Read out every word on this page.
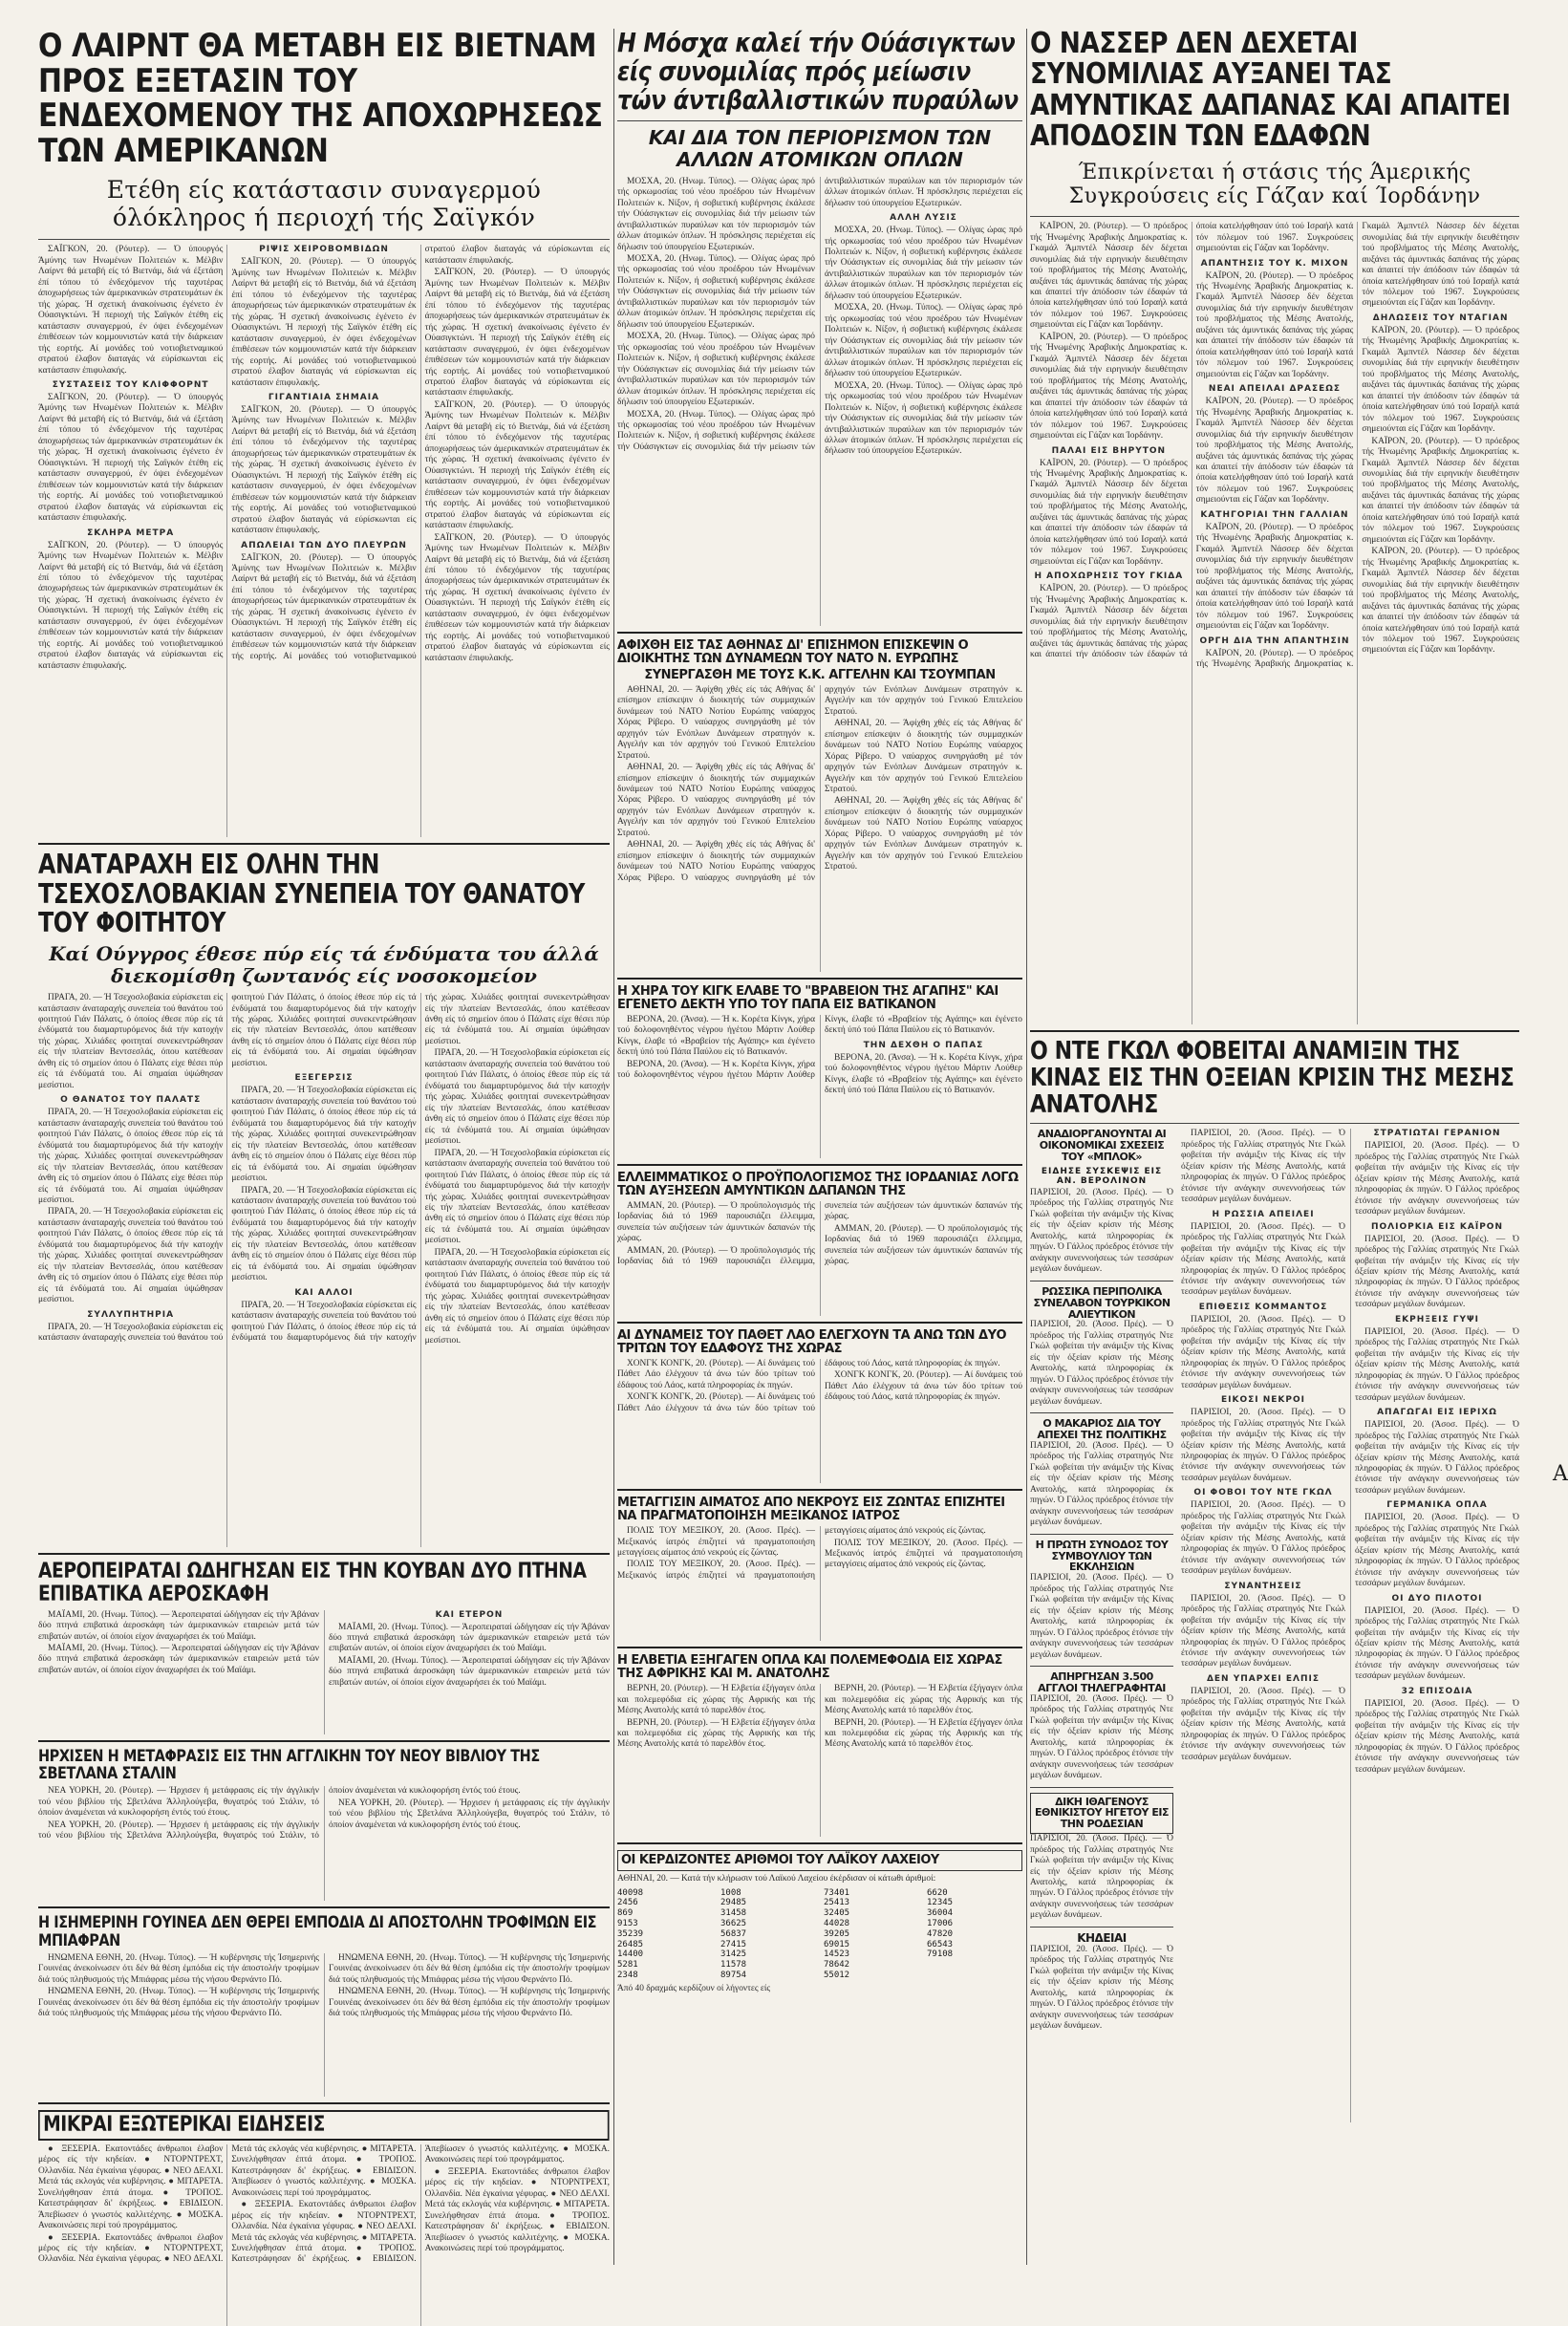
Ο ΛΑΙΡΝΤ ΘΑ ΜΕΤΑΒΗ ΕΙΣ ΒΙΕΤΝΑΜ ΠΡΟΣ ΕΞΕΤΑΣΙΝ ΤΟΥ ΕΝΔΕΧΟΜΕΝΟΥ ΤΗΣ ΑΠΟΧΩΡΗΣΕΩΣ ΤΩΝ ΑΜΕΡΙΚΑΝΩΝ
Ετέθη είς κατάστασιν συναγερμού όλόκληρος ή περιοχή τής Σαϊγκόν

ΣΑΪΓΚΟΝ, 20. (Ρόυτερ). — Ό ύπουργός Άμύνης των Ηνωμένων Πολιτειών κ. Μέλβιν Λαίρντ θά μεταβή είς τό Βιετνάμ, διά νά έξετάση έπί τόπου τό ένδεχόμενον τής ταχυτέρας άποχωρήσεως τών άμερικανικών στρατευμάτων έκ τής χώρας. Ή σχετική άνακοίνωσις έγένετο έν Ούασιγκτώνι. Ή περιοχή τής Σαϊγκόν έτέθη είς κατάστασιν συναγερμού, έν όψει ένδεχομένων έπιθέσεων τών κομμουνιστών κατά τήν διάρκειαν τής εορτής. Αί μονάδες τού νοτιοβιετναμικού στρατού έλαβον διαταγάς νά εύρίσκωνται είς κατάστασιν έπιφυλακής.

ΣΥΣΤΑΣΕΙΣ ΤΟΥ ΚΛΙΦΦΟΡΝΤ

ΣΑΪΓΚΟΝ, 20. (Ρόυτερ). — Ό ύπουργός Άμύνης των Ηνωμένων Πολιτειών κ. Μέλβιν Λαίρντ θά μεταβή είς τό Βιετνάμ, διά νά έξετάση έπί τόπου τό ένδεχόμενον τής ταχυτέρας άποχωρήσεως τών άμερικανικών στρατευμάτων έκ τής χώρας. Ή σχετική άνακοίνωσις έγένετο έν Ούασιγκτώνι. Ή περιοχή τής Σαϊγκόν έτέθη είς κατάστασιν συναγερμού, έν όψει ένδεχομένων έπιθέσεων τών κομμουνιστών κατά τήν διάρκειαν τής εορτής. Αί μονάδες τού νοτιοβιετναμικού στρατού έλαβον διαταγάς νά εύρίσκωνται είς κατάστασιν έπιφυλακής.

ΣΚΛΗΡΑ ΜΕΤΡΑ

ΣΑΪΓΚΟΝ, 20. (Ρόυτερ). — Ό ύπουργός Άμύνης των Ηνωμένων Πολιτειών κ. Μέλβιν Λαίρντ θά μεταβή είς τό Βιετνάμ, διά νά έξετάση έπί τόπου τό ένδεχόμενον τής ταχυτέρας άποχωρήσεως τών άμερικανικών στρατευμάτων έκ τής χώρας. Ή σχετική άνακοίνωσις έγένετο έν Ούασιγκτώνι. Ή περιοχή τής Σαϊγκόν έτέθη είς κατάστασιν συναγερμού, έν όψει ένδεχομένων έπιθέσεων τών κομμουνιστών κατά τήν διάρκειαν τής εορτής. Αί μονάδες τού νοτιοβιετναμικού στρατού έλαβον διαταγάς νά εύρίσκωνται είς κατάστασιν έπιφυλακής.

ΡΙΨΙΣ ΧΕΙΡΟΒΟΜΒΙΔΩΝ

ΣΑΪΓΚΟΝ, 20. (Ρόυτερ). — Ό ύπουργός Άμύνης των Ηνωμένων Πολιτειών κ. Μέλβιν Λαίρντ θά μεταβή είς τό Βιετνάμ, διά νά έξετάση έπί τόπου τό ένδεχόμενον τής ταχυτέρας άποχωρήσεως τών άμερικανικών στρατευμάτων έκ τής χώρας. Ή σχετική άνακοίνωσις έγένετο έν Ούασιγκτώνι. Ή περιοχή τής Σαϊγκόν έτέθη είς κατάστασιν συναγερμού, έν όψει ένδεχομένων έπιθέσεων τών κομμουνιστών κατά τήν διάρκειαν τής εορτής. Αί μονάδες τού νοτιοβιετναμικού στρατού έλαβον διαταγάς νά εύρίσκωνται είς κατάστασιν έπιφυλακής.

ΓΙΓΑΝΤΙΑΙΑ ΣΗΜΑΙΑ

ΣΑΪΓΚΟΝ, 20. (Ρόυτερ). — Ό ύπουργός Άμύνης των Ηνωμένων Πολιτειών κ. Μέλβιν Λαίρντ θά μεταβή είς τό Βιετνάμ, διά νά έξετάση έπί τόπου τό ένδεχόμενον τής ταχυτέρας άποχωρήσεως τών άμερικανικών στρατευμάτων έκ τής χώρας. Ή σχετική άνακοίνωσις έγένετο έν Ούασιγκτώνι. Ή περιοχή τής Σαϊγκόν έτέθη είς κατάστασιν συναγερμού, έν όψει ένδεχομένων έπιθέσεων τών κομμουνιστών κατά τήν διάρκειαν τής εορτής. Αί μονάδες τού νοτιοβιετναμικού στρατού έλαβον διαταγάς νά εύρίσκωνται είς κατάστασιν έπιφυλακής.

ΑΠΩΛΕΙΑΙ ΤΩΝ ΔΥΟ ΠΛΕΥΡΩΝ

ΣΑΪΓΚΟΝ, 20. (Ρόυτερ). — Ό ύπουργός Άμύνης των Ηνωμένων Πολιτειών κ. Μέλβιν Λαίρντ θά μεταβή είς τό Βιετνάμ, διά νά έξετάση έπί τόπου τό ένδεχόμενον τής ταχυτέρας άποχωρήσεως τών άμερικανικών στρατευμάτων έκ τής χώρας. Ή σχετική άνακοίνωσις έγένετο έν Ούασιγκτώνι. Ή περιοχή τής Σαϊγκόν έτέθη είς κατάστασιν συναγερμού, έν όψει ένδεχομένων έπιθέσεων τών κομμουνιστών κατά τήν διάρκειαν τής εορτής. Αί μονάδες τού νοτιοβιετναμικού στρατού έλαβον διαταγάς νά εύρίσκωνται είς κατάστασιν έπιφυλακής.

ΣΑΪΓΚΟΝ, 20. (Ρόυτερ). — Ό ύπουργός Άμύνης των Ηνωμένων Πολιτειών κ. Μέλβιν Λαίρντ θά μεταβή είς τό Βιετνάμ, διά νά έξετάση έπί τόπου τό ένδεχόμενον τής ταχυτέρας άποχωρήσεως τών άμερικανικών στρατευμάτων έκ τής χώρας. Ή σχετική άνακοίνωσις έγένετο έν Ούασιγκτώνι. Ή περιοχή τής Σαϊγκόν έτέθη είς κατάστασιν συναγερμού, έν όψει ένδεχομένων έπιθέσεων τών κομμουνιστών κατά τήν διάρκειαν τής εορτής. Αί μονάδες τού νοτιοβιετναμικού στρατού έλαβον διαταγάς νά εύρίσκωνται είς κατάστασιν έπιφυλακής.

ΣΑΪΓΚΟΝ, 20. (Ρόυτερ). — Ό ύπουργός Άμύνης των Ηνωμένων Πολιτειών κ. Μέλβιν Λαίρντ θά μεταβή είς τό Βιετνάμ, διά νά έξετάση έπί τόπου τό ένδεχόμενον τής ταχυτέρας άποχωρήσεως τών άμερικανικών στρατευμάτων έκ τής χώρας. Ή σχετική άνακοίνωσις έγένετο έν Ούασιγκτώνι. Ή περιοχή τής Σαϊγκόν έτέθη είς κατάστασιν συναγερμού, έν όψει ένδεχομένων έπιθέσεων τών κομμουνιστών κατά τήν διάρκειαν τής εορτής. Αί μονάδες τού νοτιοβιετναμικού στρατού έλαβον διαταγάς νά εύρίσκωνται είς κατάστασιν έπιφυλακής.

ΣΑΪΓΚΟΝ, 20. (Ρόυτερ). — Ό ύπουργός Άμύνης των Ηνωμένων Πολιτειών κ. Μέλβιν Λαίρντ θά μεταβή είς τό Βιετνάμ, διά νά έξετάση έπί τόπου τό ένδεχόμενον τής ταχυτέρας άποχωρήσεως τών άμερικανικών στρατευμάτων έκ τής χώρας. Ή σχετική άνακοίνωσις έγένετο έν Ούασιγκτώνι. Ή περιοχή τής Σαϊγκόν έτέθη είς κατάστασιν συναγερμού, έν όψει ένδεχομένων έπιθέσεων τών κομμουνιστών κατά τήν διάρκειαν τής εορτής. Αί μονάδες τού νοτιοβιετναμικού στρατού έλαβον διαταγάς νά εύρίσκωνται είς κατάστασιν έπιφυλακής.

ΑΝΑΤΑΡΑΧΗ ΕΙΣ ΟΛΗΝ ΤΗΝ ΤΣΕΧΟΣΛΟΒΑΚΙΑΝ ΣΥΝΕΠΕΙΑ ΤΟΥ ΘΑΝΑΤΟΥ ΤΟΥ ΦΟΙΤΗΤΟΥ
Καί Ούγγρος έθεσε πύρ είς τά ένδύματα του άλλά διεκομίσθη ζωντανός είς νοσοκομείον

ΠΡΑΓΑ, 20. — Ή Τσεχοσλοβακία εύρίσκεται είς κατάστασιν άναταραχής συνεπεία τού θανάτου τού φοιτητού Γιάν Πάλατς, ό όποίος έθεσε πύρ είς τά ένδύματά του διαμαρτυρόμενος διά τήν κατοχήν τής χώρας. Χιλιάδες φοιτηταί συνεκεντρώθησαν είς τήν πλατείαν Βεντσεσλάς, όπου κατέθεσαν άνθη είς τό σημείον όπου ό Πάλατς είχε θέσει πύρ είς τά ένδύματά του. Αί σημαίαι ύψώθησαν μεσίστιοι.

Ο ΘΑΝΑΤΟΣ ΤΟΥ ΠΑΛΑΤΣ

ΠΡΑΓΑ, 20. — Ή Τσεχοσλοβακία εύρίσκεται είς κατάστασιν άναταραχής συνεπεία τού θανάτου τού φοιτητού Γιάν Πάλατς, ό όποίος έθεσε πύρ είς τά ένδύματά του διαμαρτυρόμενος διά τήν κατοχήν τής χώρας. Χιλιάδες φοιτηταί συνεκεντρώθησαν είς τήν πλατείαν Βεντσεσλάς, όπου κατέθεσαν άνθη είς τό σημείον όπου ό Πάλατς είχε θέσει πύρ είς τά ένδύματά του. Αί σημαίαι ύψώθησαν μεσίστιοι.

ΠΡΑΓΑ, 20. — Ή Τσεχοσλοβακία εύρίσκεται είς κατάστασιν άναταραχής συνεπεία τού θανάτου τού φοιτητού Γιάν Πάλατς, ό όποίος έθεσε πύρ είς τά ένδύματά του διαμαρτυρόμενος διά τήν κατοχήν τής χώρας. Χιλιάδες φοιτηταί συνεκεντρώθησαν είς τήν πλατείαν Βεντσεσλάς, όπου κατέθεσαν άνθη είς τό σημείον όπου ό Πάλατς είχε θέσει πύρ είς τά ένδύματά του. Αί σημαίαι ύψώθησαν μεσίστιοι.

ΣΥΛΛΥΠΗΤΗΡΙΑ

ΠΡΑΓΑ, 20. — Ή Τσεχοσλοβακία εύρίσκεται είς κατάστασιν άναταραχής συνεπεία τού θανάτου τού φοιτητού Γιάν Πάλατς, ό όποίος έθεσε πύρ είς τά ένδύματά του διαμαρτυρόμενος διά τήν κατοχήν τής χώρας. Χιλιάδες φοιτηταί συνεκεντρώθησαν είς τήν πλατείαν Βεντσεσλάς, όπου κατέθεσαν άνθη είς τό σημείον όπου ό Πάλατς είχε θέσει πύρ είς τά ένδύματά του. Αί σημαίαι ύψώθησαν μεσίστιοι.

ΕΞΕΓΕΡΣΙΣ

ΠΡΑΓΑ, 20. — Ή Τσεχοσλοβακία εύρίσκεται είς κατάστασιν άναταραχής συνεπεία τού θανάτου τού φοιτητού Γιάν Πάλατς, ό όποίος έθεσε πύρ είς τά ένδύματά του διαμαρτυρόμενος διά τήν κατοχήν τής χώρας. Χιλιάδες φοιτηταί συνεκεντρώθησαν είς τήν πλατείαν Βεντσεσλάς, όπου κατέθεσαν άνθη είς τό σημείον όπου ό Πάλατς είχε θέσει πύρ είς τά ένδύματά του. Αί σημαίαι ύψώθησαν μεσίστιοι.

ΠΡΑΓΑ, 20. — Ή Τσεχοσλοβακία εύρίσκεται είς κατάστασιν άναταραχής συνεπεία τού θανάτου τού φοιτητού Γιάν Πάλατς, ό όποίος έθεσε πύρ είς τά ένδύματά του διαμαρτυρόμενος διά τήν κατοχήν τής χώρας. Χιλιάδες φοιτηταί συνεκεντρώθησαν είς τήν πλατείαν Βεντσεσλάς, όπου κατέθεσαν άνθη είς τό σημείον όπου ό Πάλατς είχε θέσει πύρ είς τά ένδύματά του. Αί σημαίαι ύψώθησαν μεσίστιοι.

ΚΑΙ ΑΛΛΟΙ

ΠΡΑΓΑ, 20. — Ή Τσεχοσλοβακία εύρίσκεται είς κατάστασιν άναταραχής συνεπεία τού θανάτου τού φοιτητού Γιάν Πάλατς, ό όποίος έθεσε πύρ είς τά ένδύματά του διαμαρτυρόμενος διά τήν κατοχήν τής χώρας. Χιλιάδες φοιτηταί συνεκεντρώθησαν είς τήν πλατείαν Βεντσεσλάς, όπου κατέθεσαν άνθη είς τό σημείον όπου ό Πάλατς είχε θέσει πύρ είς τά ένδύματά του. Αί σημαίαι ύψώθησαν μεσίστιοι.

ΠΡΑΓΑ, 20. — Ή Τσεχοσλοβακία εύρίσκεται είς κατάστασιν άναταραχής συνεπεία τού θανάτου τού φοιτητού Γιάν Πάλατς, ό όποίος έθεσε πύρ είς τά ένδύματά του διαμαρτυρόμενος διά τήν κατοχήν τής χώρας. Χιλιάδες φοιτηταί συνεκεντρώθησαν είς τήν πλατείαν Βεντσεσλάς, όπου κατέθεσαν άνθη είς τό σημείον όπου ό Πάλατς είχε θέσει πύρ είς τά ένδύματά του. Αί σημαίαι ύψώθησαν μεσίστιοι.

ΠΡΑΓΑ, 20. — Ή Τσεχοσλοβακία εύρίσκεται είς κατάστασιν άναταραχής συνεπεία τού θανάτου τού φοιτητού Γιάν Πάλατς, ό όποίος έθεσε πύρ είς τά ένδύματά του διαμαρτυρόμενος διά τήν κατοχήν τής χώρας. Χιλιάδες φοιτηταί συνεκεντρώθησαν είς τήν πλατείαν Βεντσεσλάς, όπου κατέθεσαν άνθη είς τό σημείον όπου ό Πάλατς είχε θέσει πύρ είς τά ένδύματά του. Αί σημαίαι ύψώθησαν μεσίστιοι.

ΠΡΑΓΑ, 20. — Ή Τσεχοσλοβακία εύρίσκεται είς κατάστασιν άναταραχής συνεπεία τού θανάτου τού φοιτητού Γιάν Πάλατς, ό όποίος έθεσε πύρ είς τά ένδύματά του διαμαρτυρόμενος διά τήν κατοχήν τής χώρας. Χιλιάδες φοιτηταί συνεκεντρώθησαν είς τήν πλατείαν Βεντσεσλάς, όπου κατέθεσαν άνθη είς τό σημείον όπου ό Πάλατς είχε θέσει πύρ είς τά ένδύματά του. Αί σημαίαι ύψώθησαν μεσίστιοι.

ΑΕΡΟΠΕΙΡΑΤΑΙ ΩΔΗΓΗΣΑΝ ΕΙΣ ΤΗΝ ΚΟΥΒΑΝ ΔΥΟ ΠΤΗΝΑ ΕΠΙΒΑΤΙΚΑ ΑΕΡΟΣΚΑΦΗ

ΜΑΪΑΜΙ, 20. (Ηνωμ. Τύπος). — Άεροπειραταί ώδήγησαν είς τήν Άβάναν δύο πτηνά επιβατικά άεροσκάφη τών άμερικανικών εταιρειών μετά τών επιβατών αυτών, οί όποίοι είχον άναχωρήσει έκ τού Μαϊάμι.

ΜΑΪΑΜΙ, 20. (Ηνωμ. Τύπος). — Άεροπειραταί ώδήγησαν είς τήν Άβάναν δύο πτηνά επιβατικά άεροσκάφη τών άμερικανικών εταιρειών μετά τών επιβατών αυτών, οί όποίοι είχον άναχωρήσει έκ τού Μαϊάμι.

ΚΑΙ ΕΤΕΡΟΝ

ΜΑΪΑΜΙ, 20. (Ηνωμ. Τύπος). — Άεροπειραταί ώδήγησαν είς τήν Άβάναν δύο πτηνά επιβατικά άεροσκάφη τών άμερικανικών εταιρειών μετά τών επιβατών αυτών, οί όποίοι είχον άναχωρήσει έκ τού Μαϊάμι.

ΜΑΪΑΜΙ, 20. (Ηνωμ. Τύπος). — Άεροπειραταί ώδήγησαν είς τήν Άβάναν δύο πτηνά επιβατικά άεροσκάφη τών άμερικανικών εταιρειών μετά τών επιβατών αυτών, οί όποίοι είχον άναχωρήσει έκ τού Μαϊάμι.

ΗΡΧΙΣΕΝ Η ΜΕΤΑΦΡΑΣΙΣ ΕΙΣ ΤΗΝ ΑΓΓΛΙΚΗΝ ΤΟΥ ΝΕΟΥ ΒΙΒΛΙΟΥ ΤΗΣ ΣΒΕΤΛΑΝΑ ΣΤΑΛΙΝ

ΝΕΑ ΥΟΡΚΗ, 20. (Ρόυτερ). — Ήρχισεν ή μετάφρασις είς τήν άγγλικήν τού νέου βιβλίου τής Σβετλάνα Άλληλούγεβα, θυγατρός τού Στάλιν, τό όποίον άναμένεται νά κυκλοφορήση έντός τού έτους.

ΝΕΑ ΥΟΡΚΗ, 20. (Ρόυτερ). — Ήρχισεν ή μετάφρασις είς τήν άγγλικήν τού νέου βιβλίου τής Σβετλάνα Άλληλούγεβα, θυγατρός τού Στάλιν, τό όποίον άναμένεται νά κυκλοφορήση έντός τού έτους.

ΝΕΑ ΥΟΡΚΗ, 20. (Ρόυτερ). — Ήρχισεν ή μετάφρασις είς τήν άγγλικήν τού νέου βιβλίου τής Σβετλάνα Άλληλούγεβα, θυγατρός τού Στάλιν, τό όποίον άναμένεται νά κυκλοφορήση έντός τού έτους.

Η ΙΣΗΜΕΡΙΝΗ ΓΟΥΙΝΕΑ ΔΕΝ ΘΕΡΕΙ ΕΜΠΟΔΙΑ ΔΙ ΑΠΟΣΤΟΛΗΝ ΤΡΟΦΙΜΩΝ ΕΙΣ ΜΠΙΑΦΡΑΝ

ΗΝΩΜΕΝΑ ΕΘΝΗ, 20. (Ηνωμ. Τύπος). — Ή κυβέρνησις τής Ίσημερινής Γουινέας άνεκοίνωσεν ότι δέν θά θέση έμπόδια είς τήν άποστολήν τροφίμων διά τούς πληθυσμούς τής Μπιάφρας μέσω τής νήσου Φερνάντο Πό.

ΗΝΩΜΕΝΑ ΕΘΝΗ, 20. (Ηνωμ. Τύπος). — Ή κυβέρνησις τής Ίσημερινής Γουινέας άνεκοίνωσεν ότι δέν θά θέση έμπόδια είς τήν άποστολήν τροφίμων διά τούς πληθυσμούς τής Μπιάφρας μέσω τής νήσου Φερνάντο Πό.

ΗΝΩΜΕΝΑ ΕΘΝΗ, 20. (Ηνωμ. Τύπος). — Ή κυβέρνησις τής Ίσημερινής Γουινέας άνεκοίνωσεν ότι δέν θά θέση έμπόδια είς τήν άποστολήν τροφίμων διά τούς πληθυσμούς τής Μπιάφρας μέσω τής νήσου Φερνάντο Πό.

ΗΝΩΜΕΝΑ ΕΘΝΗ, 20. (Ηνωμ. Τύπος). — Ή κυβέρνησις τής Ίσημερινής Γουινέας άνεκοίνωσεν ότι δέν θά θέση έμπόδια είς τήν άποστολήν τροφίμων διά τούς πληθυσμούς τής Μπιάφρας μέσω τής νήσου Φερνάντο Πό.

ΜΙΚΡΑΙ ΕΞΩΤΕΡΙΚΑΙ ΕΙΔΗΣΕΙΣ

● ΞΕΣΕΡΙΑ. Εκατοντάδες άνθρωποι έλαβον μέρος είς τήν κηδείαν. ● ΝΤΟΡΝΤΡΕΧΤ, Ολλανδία. Νέα έγκαίνια γέφυρας. ● ΝΕΟ ΔΕΛΧΙ. Μετά τάς εκλογάς νέα κυβέρνησις. ● ΜΙΤΑΡΕΤΑ. Συνελήφθησαν έπτά άτομα. ● ΤΡΟΠΟΣ. Κατεστράφησαν δι' έκρήξεως. ● ΕΒΙΔΙΣΟΝ. Άπεβίωσεν ό γνωστός καλλιτέχνης. ● ΜΟΣΚΑ. Ανακοινώσεις περί τού προγράμματος.

● ΞΕΣΕΡΙΑ. Εκατοντάδες άνθρωποι έλαβον μέρος είς τήν κηδείαν. ● ΝΤΟΡΝΤΡΕΧΤ, Ολλανδία. Νέα έγκαίνια γέφυρας. ● ΝΕΟ ΔΕΛΧΙ. Μετά τάς εκλογάς νέα κυβέρνησις. ● ΜΙΤΑΡΕΤΑ. Συνελήφθησαν έπτά άτομα. ● ΤΡΟΠΟΣ. Κατεστράφησαν δι' έκρήξεως. ● ΕΒΙΔΙΣΟΝ. Άπεβίωσεν ό γνωστός καλλιτέχνης. ● ΜΟΣΚΑ. Ανακοινώσεις περί τού προγράμματος.

● ΞΕΣΕΡΙΑ. Εκατοντάδες άνθρωποι έλαβον μέρος είς τήν κηδείαν. ● ΝΤΟΡΝΤΡΕΧΤ, Ολλανδία. Νέα έγκαίνια γέφυρας. ● ΝΕΟ ΔΕΛΧΙ. Μετά τάς εκλογάς νέα κυβέρνησις. ● ΜΙΤΑΡΕΤΑ. Συνελήφθησαν έπτά άτομα. ● ΤΡΟΠΟΣ. Κατεστράφησαν δι' έκρήξεως. ● ΕΒΙΔΙΣΟΝ. Άπεβίωσεν ό γνωστός καλλιτέχνης. ● ΜΟΣΚΑ. Ανακοινώσεις περί τού προγράμματος.

● ΞΕΣΕΡΙΑ. Εκατοντάδες άνθρωποι έλαβον μέρος είς τήν κηδείαν. ● ΝΤΟΡΝΤΡΕΧΤ, Ολλανδία. Νέα έγκαίνια γέφυρας. ● ΝΕΟ ΔΕΛΧΙ. Μετά τάς εκλογάς νέα κυβέρνησις. ● ΜΙΤΑΡΕΤΑ. Συνελήφθησαν έπτά άτομα. ● ΤΡΟΠΟΣ. Κατεστράφησαν δι' έκρήξεως. ● ΕΒΙΔΙΣΟΝ. Άπεβίωσεν ό γνωστός καλλιτέχνης. ● ΜΟΣΚΑ. Ανακοινώσεις περί τού προγράμματος.

Η Μόσχα καλεί τήν Ούάσιγκτων είς συνομιλίας πρός μείωσιν τών άντιβαλλιστικών πυραύλων
ΚΑΙ ΔΙΑ ΤΟΝ ΠΕΡΙΟΡΙΣΜΟΝ ΤΩΝ ΑΛΛΩΝ ΑΤΟΜΙΚΩΝ ΟΠΛΩΝ

ΜΟΣΧΑ, 20. (Ηνωμ. Τύπος). — Ολίγας ώρας πρό τής ορκωμοσίας τού νέου προέδρου τών Ηνωμένων Πολιτειών κ. Νίξον, ή σοβιετική κυβέρνησις έκάλεσε τήν Ούάσιγκτων είς συνομιλίας διά τήν μείωσιν τών άντιβαλλιστικών πυραύλων και τόν περιορισμόν τών άλλων άτομικών όπλων. Ή πρόσκλησις περιέχεται είς δήλωσιν τού ύπουργείου Εξωτερικών.

ΜΟΣΧΑ, 20. (Ηνωμ. Τύπος). — Ολίγας ώρας πρό τής ορκωμοσίας τού νέου προέδρου τών Ηνωμένων Πολιτειών κ. Νίξον, ή σοβιετική κυβέρνησις έκάλεσε τήν Ούάσιγκτων είς συνομιλίας διά τήν μείωσιν τών άντιβαλλιστικών πυραύλων και τόν περιορισμόν τών άλλων άτομικών όπλων. Ή πρόσκλησις περιέχεται είς δήλωσιν τού ύπουργείου Εξωτερικών.

ΜΟΣΧΑ, 20. (Ηνωμ. Τύπος). — Ολίγας ώρας πρό τής ορκωμοσίας τού νέου προέδρου τών Ηνωμένων Πολιτειών κ. Νίξον, ή σοβιετική κυβέρνησις έκάλεσε τήν Ούάσιγκτων είς συνομιλίας διά τήν μείωσιν τών άντιβαλλιστικών πυραύλων και τόν περιορισμόν τών άλλων άτομικών όπλων. Ή πρόσκλησις περιέχεται είς δήλωσιν τού ύπουργείου Εξωτερικών.

ΜΟΣΧΑ, 20. (Ηνωμ. Τύπος). — Ολίγας ώρας πρό τής ορκωμοσίας τού νέου προέδρου τών Ηνωμένων Πολιτειών κ. Νίξον, ή σοβιετική κυβέρνησις έκάλεσε τήν Ούάσιγκτων είς συνομιλίας διά τήν μείωσιν τών άντιβαλλιστικών πυραύλων και τόν περιορισμόν τών άλλων άτομικών όπλων. Ή πρόσκλησις περιέχεται είς δήλωσιν τού ύπουργείου Εξωτερικών.

ΑΛΛΗ ΛΥΣΙΣ

ΜΟΣΧΑ, 20. (Ηνωμ. Τύπος). — Ολίγας ώρας πρό τής ορκωμοσίας τού νέου προέδρου τών Ηνωμένων Πολιτειών κ. Νίξον, ή σοβιετική κυβέρνησις έκάλεσε τήν Ούάσιγκτων είς συνομιλίας διά τήν μείωσιν τών άντιβαλλιστικών πυραύλων και τόν περιορισμόν τών άλλων άτομικών όπλων. Ή πρόσκλησις περιέχεται είς δήλωσιν τού ύπουργείου Εξωτερικών.

ΜΟΣΧΑ, 20. (Ηνωμ. Τύπος). — Ολίγας ώρας πρό τής ορκωμοσίας τού νέου προέδρου τών Ηνωμένων Πολιτειών κ. Νίξον, ή σοβιετική κυβέρνησις έκάλεσε τήν Ούάσιγκτων είς συνομιλίας διά τήν μείωσιν τών άντιβαλλιστικών πυραύλων και τόν περιορισμόν τών άλλων άτομικών όπλων. Ή πρόσκλησις περιέχεται είς δήλωσιν τού ύπουργείου Εξωτερικών.

ΜΟΣΧΑ, 20. (Ηνωμ. Τύπος). — Ολίγας ώρας πρό τής ορκωμοσίας τού νέου προέδρου τών Ηνωμένων Πολιτειών κ. Νίξον, ή σοβιετική κυβέρνησις έκάλεσε τήν Ούάσιγκτων είς συνομιλίας διά τήν μείωσιν τών άντιβαλλιστικών πυραύλων και τόν περιορισμόν τών άλλων άτομικών όπλων. Ή πρόσκλησις περιέχεται είς δήλωσιν τού ύπουργείου Εξωτερικών.

ΑΦΙΧΘΗ ΕΙΣ ΤΑΣ ΑΘΗΝΑΣ ΔΙ' ΕΠΙΣΗΜΟΝ ΕΠΙΣΚΕΨΙΝ Ο ΔΙΟΙΚΗΤΗΣ ΤΩΝ ΔΥΝΑΜΕΩΝ ΤΟΥ ΝΑΤΟ Ν. ΕΥΡΩΠΗΣ
ΣΥΝΕΡΓΑΣΘΗ ΜΕ ΤΟΥΣ Κ.Κ. ΑΓΓΕΛΗΝ ΚΑΙ ΤΣΟΥΜΠΑΝ

ΑΘΗΝΑΙ, 20. — Άφίχθη χθές είς τάς Αθήνας δι' επίσημον επίσκεψιν ό διοικητής τών συμμαχικών δυνάμεων τού ΝΑΤΟ Νοτίου Ευρώπης ναύαρχος Χόρας Ρίβερο. Ό ναύαρχος συνηργάσθη μέ τόν αρχηγόν τών Ενόπλων Δυνάμεων στρατηγόν κ. Αγγελήν και τόν αρχηγόν τού Γενικού Επιτελείου Στρατού.

ΑΘΗΝΑΙ, 20. — Άφίχθη χθές είς τάς Αθήνας δι' επίσημον επίσκεψιν ό διοικητής τών συμμαχικών δυνάμεων τού ΝΑΤΟ Νοτίου Ευρώπης ναύαρχος Χόρας Ρίβερο. Ό ναύαρχος συνηργάσθη μέ τόν αρχηγόν τών Ενόπλων Δυνάμεων στρατηγόν κ. Αγγελήν και τόν αρχηγόν τού Γενικού Επιτελείου Στρατού.

ΑΘΗΝΑΙ, 20. — Άφίχθη χθές είς τάς Αθήνας δι' επίσημον επίσκεψιν ό διοικητής τών συμμαχικών δυνάμεων τού ΝΑΤΟ Νοτίου Ευρώπης ναύαρχος Χόρας Ρίβερο. Ό ναύαρχος συνηργάσθη μέ τόν αρχηγόν τών Ενόπλων Δυνάμεων στρατηγόν κ. Αγγελήν και τόν αρχηγόν τού Γενικού Επιτελείου Στρατού.

ΑΘΗΝΑΙ, 20. — Άφίχθη χθές είς τάς Αθήνας δι' επίσημον επίσκεψιν ό διοικητής τών συμμαχικών δυνάμεων τού ΝΑΤΟ Νοτίου Ευρώπης ναύαρχος Χόρας Ρίβερο. Ό ναύαρχος συνηργάσθη μέ τόν αρχηγόν τών Ενόπλων Δυνάμεων στρατηγόν κ. Αγγελήν και τόν αρχηγόν τού Γενικού Επιτελείου Στρατού.

ΑΘΗΝΑΙ, 20. — Άφίχθη χθές είς τάς Αθήνας δι' επίσημον επίσκεψιν ό διοικητής τών συμμαχικών δυνάμεων τού ΝΑΤΟ Νοτίου Ευρώπης ναύαρχος Χόρας Ρίβερο. Ό ναύαρχος συνηργάσθη μέ τόν αρχηγόν τών Ενόπλων Δυνάμεων στρατηγόν κ. Αγγελήν και τόν αρχηγόν τού Γενικού Επιτελείου Στρατού.

Η ΧΗΡΑ ΤΟΥ ΚΙΓΚ ΕΛΑΒΕ ΤΟ "ΒΡΑΒΕΙΟΝ ΤΗΣ ΑΓΑΠΗΣ" ΚΑΙ ΕΓΕΝΕΤΟ ΔΕΚΤΗ ΥΠΟ ΤΟΥ ΠΑΠΑ ΕΙΣ ΒΑΤΙΚΑΝΟΝ

ΒΕΡΟΝΑ, 20. (Άνσα). — Ή κ. Κορέτα Κίνγκ, χήρα τού δολοφονηθέντος νέγρου ήγέτου Μάρτιν Λούθερ Κίνγκ, έλαβε τό «Βραβείον τής Αγάπης» και έγένετο δεκτή ύπό τού Πάπα Παύλου είς τό Βατικανόν.

ΒΕΡΟΝΑ, 20. (Άνσα). — Ή κ. Κορέτα Κίνγκ, χήρα τού δολοφονηθέντος νέγρου ήγέτου Μάρτιν Λούθερ Κίνγκ, έλαβε τό «Βραβείον τής Αγάπης» και έγένετο δεκτή ύπό τού Πάπα Παύλου είς τό Βατικανόν.

ΤΗΝ ΔΕΧΘΗ Ο ΠΑΠΑΣ

ΒΕΡΟΝΑ, 20. (Άνσα). — Ή κ. Κορέτα Κίνγκ, χήρα τού δολοφονηθέντος νέγρου ήγέτου Μάρτιν Λούθερ Κίνγκ, έλαβε τό «Βραβείον τής Αγάπης» και έγένετο δεκτή ύπό τού Πάπα Παύλου είς τό Βατικανόν.

ΕΛΛΕΙΜΜΑΤΙΚΟΣ Ο ΠΡΟΫΠΟΛΟΓΙΣΜΟΣ ΤΗΣ ΙΟΡΔΑΝΙΑΣ ΛΟΓΩ ΤΩΝ ΑΥΞΗΣΕΩΝ ΑΜΥΝΤΙΚΩΝ ΔΑΠΑΝΩΝ ΤΗΣ

ΑΜΜΑΝ, 20. (Ρόυτερ). — Ό προϋπολογισμός τής Ιορδανίας διά τό 1969 παρουσιάζει έλλειμμα, συνεπεία τών αυξήσεων τών άμυντικών δαπανών τής χώρας.

ΑΜΜΑΝ, 20. (Ρόυτερ). — Ό προϋπολογισμός τής Ιορδανίας διά τό 1969 παρουσιάζει έλλειμμα, συνεπεία τών αυξήσεων τών άμυντικών δαπανών τής χώρας.

ΑΜΜΑΝ, 20. (Ρόυτερ). — Ό προϋπολογισμός τής Ιορδανίας διά τό 1969 παρουσιάζει έλλειμμα, συνεπεία τών αυξήσεων τών άμυντικών δαπανών τής χώρας.

ΑΙ ΔΥΝΑΜΕΙΣ ΤΟΥ ΠΑΘΕΤ ΛΑΟ ΕΛΕΓΧΟΥΝ ΤΑ ΑΝΩ ΤΩΝ ΔΥΟ ΤΡΙΤΩΝ ΤΟΥ ΕΔΑΦΟΥΣ ΤΗΣ ΧΩΡΑΣ

ΧΟΝΓΚ ΚΟΝΓΚ, 20. (Ρόυτερ). — Αί δυνάμεις τού Πάθετ Λάο έλέγχουν τά άνω τών δύο τρίτων τού έδάφους τού Λάος, κατά πληροφορίας έκ πηγών.

ΧΟΝΓΚ ΚΟΝΓΚ, 20. (Ρόυτερ). — Αί δυνάμεις τού Πάθετ Λάο έλέγχουν τά άνω τών δύο τρίτων τού έδάφους τού Λάος, κατά πληροφορίας έκ πηγών.

ΧΟΝΓΚ ΚΟΝΓΚ, 20. (Ρόυτερ). — Αί δυνάμεις τού Πάθετ Λάο έλέγχουν τά άνω τών δύο τρίτων τού έδάφους τού Λάος, κατά πληροφορίας έκ πηγών.

ΜΕΤΑΓΓΙΣΙΝ ΑΙΜΑΤΟΣ ΑΠΟ ΝΕΚΡΟΥΣ ΕΙΣ ΖΩΝΤΑΣ ΕΠΙΖΗΤΕΙ ΝΑ ΠΡΑΓΜΑΤΟΠΟΙΗΣΗ ΜΕΞΙΚΑΝΟΣ ΙΑΤΡΟΣ

ΠΟΛΙΣ ΤΟΥ ΜΕΞΙΚΟΥ, 20. (Άσοσ. Πρές). — Μεξικανός ίατρός έπιζητεί νά πραγματοποιήση μεταγγίσεις αίματος άπό νεκρούς είς ζώντας.

ΠΟΛΙΣ ΤΟΥ ΜΕΞΙΚΟΥ, 20. (Άσοσ. Πρές). — Μεξικανός ίατρός έπιζητεί νά πραγματοποιήση μεταγγίσεις αίματος άπό νεκρούς είς ζώντας.

ΠΟΛΙΣ ΤΟΥ ΜΕΞΙΚΟΥ, 20. (Άσοσ. Πρές). — Μεξικανός ίατρός έπιζητεί νά πραγματοποιήση μεταγγίσεις αίματος άπό νεκρούς είς ζώντας.

Η ΕΛΒΕΤΙΑ ΕΞΗΓΑΓΕΝ ΟΠΛΑ ΚΑΙ ΠΟΛΕΜΕΦΟΔΙΑ ΕΙΣ ΧΩΡΑΣ ΤΗΣ ΑΦΡΙΚΗΣ ΚΑΙ Μ. ΑΝΑΤΟΛΗΣ

ΒΕΡΝΗ, 20. (Ρόυτερ). — Ή Ελβετία έξήγαγεν όπλα και πολεμεφόδια είς χώρας τής Αφρικής και τής Μέσης Ανατολής κατά τό παρελθόν έτος.

ΒΕΡΝΗ, 20. (Ρόυτερ). — Ή Ελβετία έξήγαγεν όπλα και πολεμεφόδια είς χώρας τής Αφρικής και τής Μέσης Ανατολής κατά τό παρελθόν έτος.

ΒΕΡΝΗ, 20. (Ρόυτερ). — Ή Ελβετία έξήγαγεν όπλα και πολεμεφόδια είς χώρας τής Αφρικής και τής Μέσης Ανατολής κατά τό παρελθόν έτος.

ΒΕΡΝΗ, 20. (Ρόυτερ). — Ή Ελβετία έξήγαγεν όπλα και πολεμεφόδια είς χώρας τής Αφρικής και τής Μέσης Ανατολής κατά τό παρελθόν έτος.

ΟΙ ΚΕΡΔΙΖΟΝΤΕΣ ΑΡΙΘΜΟΙ ΤΟΥ ΛΑΪΚΟΥ ΛΑΧΕΙΟΥ
ΑΘΗΝΑΙ, 20. — Κατά τήν κλήρωσιν τού Λαϊκού Λαχείου έκέρδισαν οί κάτωθι άριθμοί:
40098
2456
869
9153
35239
26485
14400
5281
2348
1008
29485
31458
36625
56837
27415
31425
11578
89754
73401
25413
32405
44028
39205
69015
14523
78642
55012
6620
12345
36004
17006
47820
66543
79108
Άπό 40 δραχμάς κερδίζουν οί λήγοντες είς
Ο ΝΑΣΣΕΡ ΔΕΝ ΔΕΧΕΤΑΙ ΣΥΝΟΜΙΛΙΑΣ ΑΥΞΑΝΕΙ ΤΑΣ ΑΜΥΝΤΙΚΑΣ ΔΑΠΑΝΑΣ ΚΑΙ ΑΠΑΙΤΕΙ ΑΠΟΔΟΣΙΝ ΤΩΝ ΕΔΑΦΩΝ
Έπικρίνεται ή στάσις τής Άμερικής Συγκρούσεις είς Γάζαν καί Ίορδάνην

ΚΑΪΡΟΝ, 20. (Ρόυτερ). — Ό πρόεδρος τής Ήνωμένης Άραβικής Δημοκρατίας κ. Γκαμάλ Άμπντέλ Νάσσερ δέν δέχεται συνομιλίας διά τήν ειρηνικήν διευθέτησιν τού προβλήματος τής Μέσης Ανατολής, αυξάνει τάς άμυντικάς δαπάνας τής χώρας και άπαιτεί τήν άπόδοσιν τών έδαφών τά όποία κατελήφθησαν ύπό τού Ισραήλ κατά τόν πόλεμον τού 1967. Συγκρούσεις σημειούνται είς Γάζαν και Ίορδάνην.

ΚΑΪΡΟΝ, 20. (Ρόυτερ). — Ό πρόεδρος τής Ήνωμένης Άραβικής Δημοκρατίας κ. Γκαμάλ Άμπντέλ Νάσσερ δέν δέχεται συνομιλίας διά τήν ειρηνικήν διευθέτησιν τού προβλήματος τής Μέσης Ανατολής, αυξάνει τάς άμυντικάς δαπάνας τής χώρας και άπαιτεί τήν άπόδοσιν τών έδαφών τά όποία κατελήφθησαν ύπό τού Ισραήλ κατά τόν πόλεμον τού 1967. Συγκρούσεις σημειούνται είς Γάζαν και Ίορδάνην.

ΠΑΛΑΙ ΕΙΣ ΒΗΡΥΤΟΝ

ΚΑΪΡΟΝ, 20. (Ρόυτερ). — Ό πρόεδρος τής Ήνωμένης Άραβικής Δημοκρατίας κ. Γκαμάλ Άμπντέλ Νάσσερ δέν δέχεται συνομιλίας διά τήν ειρηνικήν διευθέτησιν τού προβλήματος τής Μέσης Ανατολής, αυξάνει τάς άμυντικάς δαπάνας τής χώρας και άπαιτεί τήν άπόδοσιν τών έδαφών τά όποία κατελήφθησαν ύπό τού Ισραήλ κατά τόν πόλεμον τού 1967. Συγκρούσεις σημειούνται είς Γάζαν και Ίορδάνην.

Η ΑΠΟΧΩΡΗΣΙΣ ΤΟΥ ΓΚΙΔΑ

ΚΑΪΡΟΝ, 20. (Ρόυτερ). — Ό πρόεδρος τής Ήνωμένης Άραβικής Δημοκρατίας κ. Γκαμάλ Άμπντέλ Νάσσερ δέν δέχεται συνομιλίας διά τήν ειρηνικήν διευθέτησιν τού προβλήματος τής Μέσης Ανατολής, αυξάνει τάς άμυντικάς δαπάνας τής χώρας και άπαιτεί τήν άπόδοσιν τών έδαφών τά όποία κατελήφθησαν ύπό τού Ισραήλ κατά τόν πόλεμον τού 1967. Συγκρούσεις σημειούνται είς Γάζαν και Ίορδάνην.

ΑΠΑΝΤΗΣΙΣ ΤΟΥ Κ. ΜΙΧΟΝ

ΚΑΪΡΟΝ, 20. (Ρόυτερ). — Ό πρόεδρος τής Ήνωμένης Άραβικής Δημοκρατίας κ. Γκαμάλ Άμπντέλ Νάσσερ δέν δέχεται συνομιλίας διά τήν ειρηνικήν διευθέτησιν τού προβλήματος τής Μέσης Ανατολής, αυξάνει τάς άμυντικάς δαπάνας τής χώρας και άπαιτεί τήν άπόδοσιν τών έδαφών τά όποία κατελήφθησαν ύπό τού Ισραήλ κατά τόν πόλεμον τού 1967. Συγκρούσεις σημειούνται είς Γάζαν και Ίορδάνην.

ΝΕΑΙ ΑΠΕΙΛΑΙ ΔΡΑΣΕΩΣ

ΚΑΪΡΟΝ, 20. (Ρόυτερ). — Ό πρόεδρος τής Ήνωμένης Άραβικής Δημοκρατίας κ. Γκαμάλ Άμπντέλ Νάσσερ δέν δέχεται συνομιλίας διά τήν ειρηνικήν διευθέτησιν τού προβλήματος τής Μέσης Ανατολής, αυξάνει τάς άμυντικάς δαπάνας τής χώρας και άπαιτεί τήν άπόδοσιν τών έδαφών τά όποία κατελήφθησαν ύπό τού Ισραήλ κατά τόν πόλεμον τού 1967. Συγκρούσεις σημειούνται είς Γάζαν και Ίορδάνην.

ΚΑΤΗΓΟΡΙΑΙ ΤΗΝ ΓΑΛΛΙΑΝ

ΚΑΪΡΟΝ, 20. (Ρόυτερ). — Ό πρόεδρος τής Ήνωμένης Άραβικής Δημοκρατίας κ. Γκαμάλ Άμπντέλ Νάσσερ δέν δέχεται συνομιλίας διά τήν ειρηνικήν διευθέτησιν τού προβλήματος τής Μέσης Ανατολής, αυξάνει τάς άμυντικάς δαπάνας τής χώρας και άπαιτεί τήν άπόδοσιν τών έδαφών τά όποία κατελήφθησαν ύπό τού Ισραήλ κατά τόν πόλεμον τού 1967. Συγκρούσεις σημειούνται είς Γάζαν και Ίορδάνην.

ΟΡΓΗ ΔΙΑ ΤΗΝ ΑΠΑΝΤΗΣΙΝ

ΚΑΪΡΟΝ, 20. (Ρόυτερ). — Ό πρόεδρος τής Ήνωμένης Άραβικής Δημοκρατίας κ. Γκαμάλ Άμπντέλ Νάσσερ δέν δέχεται συνομιλίας διά τήν ειρηνικήν διευθέτησιν τού προβλήματος τής Μέσης Ανατολής, αυξάνει τάς άμυντικάς δαπάνας τής χώρας και άπαιτεί τήν άπόδοσιν τών έδαφών τά όποία κατελήφθησαν ύπό τού Ισραήλ κατά τόν πόλεμον τού 1967. Συγκρούσεις σημειούνται είς Γάζαν και Ίορδάνην.

ΔΗΛΩΣΕΙΣ ΤΟΥ ΝΤΑΓΙΑΝ

ΚΑΪΡΟΝ, 20. (Ρόυτερ). — Ό πρόεδρος τής Ήνωμένης Άραβικής Δημοκρατίας κ. Γκαμάλ Άμπντέλ Νάσσερ δέν δέχεται συνομιλίας διά τήν ειρηνικήν διευθέτησιν τού προβλήματος τής Μέσης Ανατολής, αυξάνει τάς άμυντικάς δαπάνας τής χώρας και άπαιτεί τήν άπόδοσιν τών έδαφών τά όποία κατελήφθησαν ύπό τού Ισραήλ κατά τόν πόλεμον τού 1967. Συγκρούσεις σημειούνται είς Γάζαν και Ίορδάνην.

ΚΑΪΡΟΝ, 20. (Ρόυτερ). — Ό πρόεδρος τής Ήνωμένης Άραβικής Δημοκρατίας κ. Γκαμάλ Άμπντέλ Νάσσερ δέν δέχεται συνομιλίας διά τήν ειρηνικήν διευθέτησιν τού προβλήματος τής Μέσης Ανατολής, αυξάνει τάς άμυντικάς δαπάνας τής χώρας και άπαιτεί τήν άπόδοσιν τών έδαφών τά όποία κατελήφθησαν ύπό τού Ισραήλ κατά τόν πόλεμον τού 1967. Συγκρούσεις σημειούνται είς Γάζαν και Ίορδάνην.

ΚΑΪΡΟΝ, 20. (Ρόυτερ). — Ό πρόεδρος τής Ήνωμένης Άραβικής Δημοκρατίας κ. Γκαμάλ Άμπντέλ Νάσσερ δέν δέχεται συνομιλίας διά τήν ειρηνικήν διευθέτησιν τού προβλήματος τής Μέσης Ανατολής, αυξάνει τάς άμυντικάς δαπάνας τής χώρας και άπαιτεί τήν άπόδοσιν τών έδαφών τά όποία κατελήφθησαν ύπό τού Ισραήλ κατά τόν πόλεμον τού 1967. Συγκρούσεις σημειούνται είς Γάζαν και Ίορδάνην.

Ο ΝΤΕ ΓΚΩΛ ΦΟΒΕΙΤΑΙ ΑΝΑΜΙΞΙΝ ΤΗΣ ΚΙΝΑΣ ΕΙΣ ΤΗΝ ΟΞΕΙΑΝ ΚΡΙΣΙΝ ΤΗΣ ΜΕΣΗΣ ΑΝΑΤΟΛΗΣ
ΑΝΑΔΙΟΡΓΑΝΟΥΝΤΑΙ ΑΙ ΟΙΚΟΝΟΜΙΚΑΙ ΣΧΕΣΕΙΣ ΤΟΥ «ΜΠΛΟΚ»
ΕΙΔΗΣΕ ΣΥΣΚΕΨΙΣ ΕΙΣ ΑΝ. ΒΕΡΟΛΙΝΟΝ

ΠΑΡΙΣΙΟΙ, 20. (Άσοσ. Πρές). — Ό πρόεδρος τής Γαλλίας στρατηγός Ντε Γκώλ φοβείται τήν ανάμιξιν τής Κίνας είς τήν όξείαν κρίσιν τής Μέσης Ανατολής, κατά πληροφορίας έκ πηγών. Ό Γάλλος πρόεδρος έτόνισε τήν ανάγκην συνεννοήσεως τών τεσσάρων μεγάλων δυνάμεων.

ΡΩΣΣΙΚΑ ΠΕΡΙΠΟΛΙΚΑ ΣΥΝΕΛΑΒΟΝ ΤΟΥΡΚΙΚΟΝ ΑΛΙΕΥΤΙΚΟΝ

ΠΑΡΙΣΙΟΙ, 20. (Άσοσ. Πρές). — Ό πρόεδρος τής Γαλλίας στρατηγός Ντε Γκώλ φοβείται τήν ανάμιξιν τής Κίνας είς τήν όξείαν κρίσιν τής Μέσης Ανατολής, κατά πληροφορίας έκ πηγών. Ό Γάλλος πρόεδρος έτόνισε τήν ανάγκην συνεννοήσεως τών τεσσάρων μεγάλων δυνάμεων.

Ο ΜΑΚΑΡΙΟΣ ΔΙΑ ΤΟΥ ΑΠΕΧΕΙ ΤΗΣ ΠΟΛΙΤΙΚΗΣ

ΠΑΡΙΣΙΟΙ, 20. (Άσοσ. Πρές). — Ό πρόεδρος τής Γαλλίας στρατηγός Ντε Γκώλ φοβείται τήν ανάμιξιν τής Κίνας είς τήν όξείαν κρίσιν τής Μέσης Ανατολής, κατά πληροφορίας έκ πηγών. Ό Γάλλος πρόεδρος έτόνισε τήν ανάγκην συνεννοήσεως τών τεσσάρων μεγάλων δυνάμεων.

Η ΠΡΩΤΗ ΣΥΝΟΔΟΣ ΤΟΥ ΣΥΜΒΟΥΛΙΟΥ ΤΩΝ ΕΚΚΛΗΣΙΩΝ

ΠΑΡΙΣΙΟΙ, 20. (Άσοσ. Πρές). — Ό πρόεδρος τής Γαλλίας στρατηγός Ντε Γκώλ φοβείται τήν ανάμιξιν τής Κίνας είς τήν όξείαν κρίσιν τής Μέσης Ανατολής, κατά πληροφορίας έκ πηγών. Ό Γάλλος πρόεδρος έτόνισε τήν ανάγκην συνεννοήσεως τών τεσσάρων μεγάλων δυνάμεων.

ΑΠΗΡΓΗΣΑΝ 3.500 ΑΓΓΛΟΙ ΤΗΛΕΓΡΑΦΗΤΑΙ

ΠΑΡΙΣΙΟΙ, 20. (Άσοσ. Πρές). — Ό πρόεδρος τής Γαλλίας στρατηγός Ντε Γκώλ φοβείται τήν ανάμιξιν τής Κίνας είς τήν όξείαν κρίσιν τής Μέσης Ανατολής, κατά πληροφορίας έκ πηγών. Ό Γάλλος πρόεδρος έτόνισε τήν ανάγκην συνεννοήσεως τών τεσσάρων μεγάλων δυνάμεων.

ΔΙΚΗ ΙΘΑΓΕΝΟΥΣ ΕΘΝΙΚΙΣΤΟΥ ΗΓΕΤΟΥ ΕΙΣ ΤΗΝ ΡΟΔΕΣΙΑΝ

ΠΑΡΙΣΙΟΙ, 20. (Άσοσ. Πρές). — Ό πρόεδρος τής Γαλλίας στρατηγός Ντε Γκώλ φοβείται τήν ανάμιξιν τής Κίνας είς τήν όξείαν κρίσιν τής Μέσης Ανατολής, κατά πληροφορίας έκ πηγών. Ό Γάλλος πρόεδρος έτόνισε τήν ανάγκην συνεννοήσεως τών τεσσάρων μεγάλων δυνάμεων.

ΚΗΔΕΙΑΙ

ΠΑΡΙΣΙΟΙ, 20. (Άσοσ. Πρές). — Ό πρόεδρος τής Γαλλίας στρατηγός Ντε Γκώλ φοβείται τήν ανάμιξιν τής Κίνας είς τήν όξείαν κρίσιν τής Μέσης Ανατολής, κατά πληροφορίας έκ πηγών. Ό Γάλλος πρόεδρος έτόνισε τήν ανάγκην συνεννοήσεως τών τεσσάρων μεγάλων δυνάμεων.

ΠΑΡΙΣΙΟΙ, 20. (Άσοσ. Πρές). — Ό πρόεδρος τής Γαλλίας στρατηγός Ντε Γκώλ φοβείται τήν ανάμιξιν τής Κίνας είς τήν όξείαν κρίσιν τής Μέσης Ανατολής, κατά πληροφορίας έκ πηγών. Ό Γάλλος πρόεδρος έτόνισε τήν ανάγκην συνεννοήσεως τών τεσσάρων μεγάλων δυνάμεων.

Η ΡΩΣΣΙΑ ΑΠΕΙΛΕΙ

ΠΑΡΙΣΙΟΙ, 20. (Άσοσ. Πρές). — Ό πρόεδρος τής Γαλλίας στρατηγός Ντε Γκώλ φοβείται τήν ανάμιξιν τής Κίνας είς τήν όξείαν κρίσιν τής Μέσης Ανατολής, κατά πληροφορίας έκ πηγών. Ό Γάλλος πρόεδρος έτόνισε τήν ανάγκην συνεννοήσεως τών τεσσάρων μεγάλων δυνάμεων.

ΕΠΙΘΕΣΙΣ ΚΟΜΜΑΝΤΟΣ

ΠΑΡΙΣΙΟΙ, 20. (Άσοσ. Πρές). — Ό πρόεδρος τής Γαλλίας στρατηγός Ντε Γκώλ φοβείται τήν ανάμιξιν τής Κίνας είς τήν όξείαν κρίσιν τής Μέσης Ανατολής, κατά πληροφορίας έκ πηγών. Ό Γάλλος πρόεδρος έτόνισε τήν ανάγκην συνεννοήσεως τών τεσσάρων μεγάλων δυνάμεων.

ΕΙΚΟΣΙ ΝΕΚΡΟΙ

ΠΑΡΙΣΙΟΙ, 20. (Άσοσ. Πρές). — Ό πρόεδρος τής Γαλλίας στρατηγός Ντε Γκώλ φοβείται τήν ανάμιξιν τής Κίνας είς τήν όξείαν κρίσιν τής Μέσης Ανατολής, κατά πληροφορίας έκ πηγών. Ό Γάλλος πρόεδρος έτόνισε τήν ανάγκην συνεννοήσεως τών τεσσάρων μεγάλων δυνάμεων.

ΟΙ ΦΟΒΟΙ ΤΟΥ ΝΤΕ ΓΚΩΛ

ΠΑΡΙΣΙΟΙ, 20. (Άσοσ. Πρές). — Ό πρόεδρος τής Γαλλίας στρατηγός Ντε Γκώλ φοβείται τήν ανάμιξιν τής Κίνας είς τήν όξείαν κρίσιν τής Μέσης Ανατολής, κατά πληροφορίας έκ πηγών. Ό Γάλλος πρόεδρος έτόνισε τήν ανάγκην συνεννοήσεως τών τεσσάρων μεγάλων δυνάμεων.

ΣΥΝΑΝΤΗΣΕΙΣ

ΠΑΡΙΣΙΟΙ, 20. (Άσοσ. Πρές). — Ό πρόεδρος τής Γαλλίας στρατηγός Ντε Γκώλ φοβείται τήν ανάμιξιν τής Κίνας είς τήν όξείαν κρίσιν τής Μέσης Ανατολής, κατά πληροφορίας έκ πηγών. Ό Γάλλος πρόεδρος έτόνισε τήν ανάγκην συνεννοήσεως τών τεσσάρων μεγάλων δυνάμεων.

ΔΕΝ ΥΠΑΡΧΕΙ ΕΛΠΙΣ

ΠΑΡΙΣΙΟΙ, 20. (Άσοσ. Πρές). — Ό πρόεδρος τής Γαλλίας στρατηγός Ντε Γκώλ φοβείται τήν ανάμιξιν τής Κίνας είς τήν όξείαν κρίσιν τής Μέσης Ανατολής, κατά πληροφορίας έκ πηγών. Ό Γάλλος πρόεδρος έτόνισε τήν ανάγκην συνεννοήσεως τών τεσσάρων μεγάλων δυνάμεων.

ΣΤΡΑΤΙΩΤΑΙ ΓΕΡΑΝΙΟΝ

ΠΑΡΙΣΙΟΙ, 20. (Άσοσ. Πρές). — Ό πρόεδρος τής Γαλλίας στρατηγός Ντε Γκώλ φοβείται τήν ανάμιξιν τής Κίνας είς τήν όξείαν κρίσιν τής Μέσης Ανατολής, κατά πληροφορίας έκ πηγών. Ό Γάλλος πρόεδρος έτόνισε τήν ανάγκην συνεννοήσεως τών τεσσάρων μεγάλων δυνάμεων.

ΠΟΛΙΟΡΚΙΑ ΕΙΣ ΚΑΪΡΟΝ

ΠΑΡΙΣΙΟΙ, 20. (Άσοσ. Πρές). — Ό πρόεδρος τής Γαλλίας στρατηγός Ντε Γκώλ φοβείται τήν ανάμιξιν τής Κίνας είς τήν όξείαν κρίσιν τής Μέσης Ανατολής, κατά πληροφορίας έκ πηγών. Ό Γάλλος πρόεδρος έτόνισε τήν ανάγκην συνεννοήσεως τών τεσσάρων μεγάλων δυνάμεων.

ΕΚΡΗΞΕΙΣ ΓΥΨΙ

ΠΑΡΙΣΙΟΙ, 20. (Άσοσ. Πρές). — Ό πρόεδρος τής Γαλλίας στρατηγός Ντε Γκώλ φοβείται τήν ανάμιξιν τής Κίνας είς τήν όξείαν κρίσιν τής Μέσης Ανατολής, κατά πληροφορίας έκ πηγών. Ό Γάλλος πρόεδρος έτόνισε τήν ανάγκην συνεννοήσεως τών τεσσάρων μεγάλων δυνάμεων.

ΑΠΑΓΩΓΑΙ ΕΙΣ ΙΕΡΙΧΩ

ΠΑΡΙΣΙΟΙ, 20. (Άσοσ. Πρές). — Ό πρόεδρος τής Γαλλίας στρατηγός Ντε Γκώλ φοβείται τήν ανάμιξιν τής Κίνας είς τήν όξείαν κρίσιν τής Μέσης Ανατολής, κατά πληροφορίας έκ πηγών. Ό Γάλλος πρόεδρος έτόνισε τήν ανάγκην συνεννοήσεως τών τεσσάρων μεγάλων δυνάμεων.

ΓΕΡΜΑΝΙΚΑ ΟΠΛΑ

ΠΑΡΙΣΙΟΙ, 20. (Άσοσ. Πρές). — Ό πρόεδρος τής Γαλλίας στρατηγός Ντε Γκώλ φοβείται τήν ανάμιξιν τής Κίνας είς τήν όξείαν κρίσιν τής Μέσης Ανατολής, κατά πληροφορίας έκ πηγών. Ό Γάλλος πρόεδρος έτόνισε τήν ανάγκην συνεννοήσεως τών τεσσάρων μεγάλων δυνάμεων.

ΟΙ ΔΥΟ ΠΙΛΟΤΟΙ

ΠΑΡΙΣΙΟΙ, 20. (Άσοσ. Πρές). — Ό πρόεδρος τής Γαλλίας στρατηγός Ντε Γκώλ φοβείται τήν ανάμιξιν τής Κίνας είς τήν όξείαν κρίσιν τής Μέσης Ανατολής, κατά πληροφορίας έκ πηγών. Ό Γάλλος πρόεδρος έτόνισε τήν ανάγκην συνεννοήσεως τών τεσσάρων μεγάλων δυνάμεων.

32 ΕΠΙΣΟΔΙΑ

ΠΑΡΙΣΙΟΙ, 20. (Άσοσ. Πρές). — Ό πρόεδρος τής Γαλλίας στρατηγός Ντε Γκώλ φοβείται τήν ανάμιξιν τής Κίνας είς τήν όξείαν κρίσιν τής Μέσης Ανατολής, κατά πληροφορίας έκ πηγών. Ό Γάλλος πρόεδρος έτόνισε τήν ανάγκην συνεννοήσεως τών τεσσάρων μεγάλων δυνάμεων.

Α
